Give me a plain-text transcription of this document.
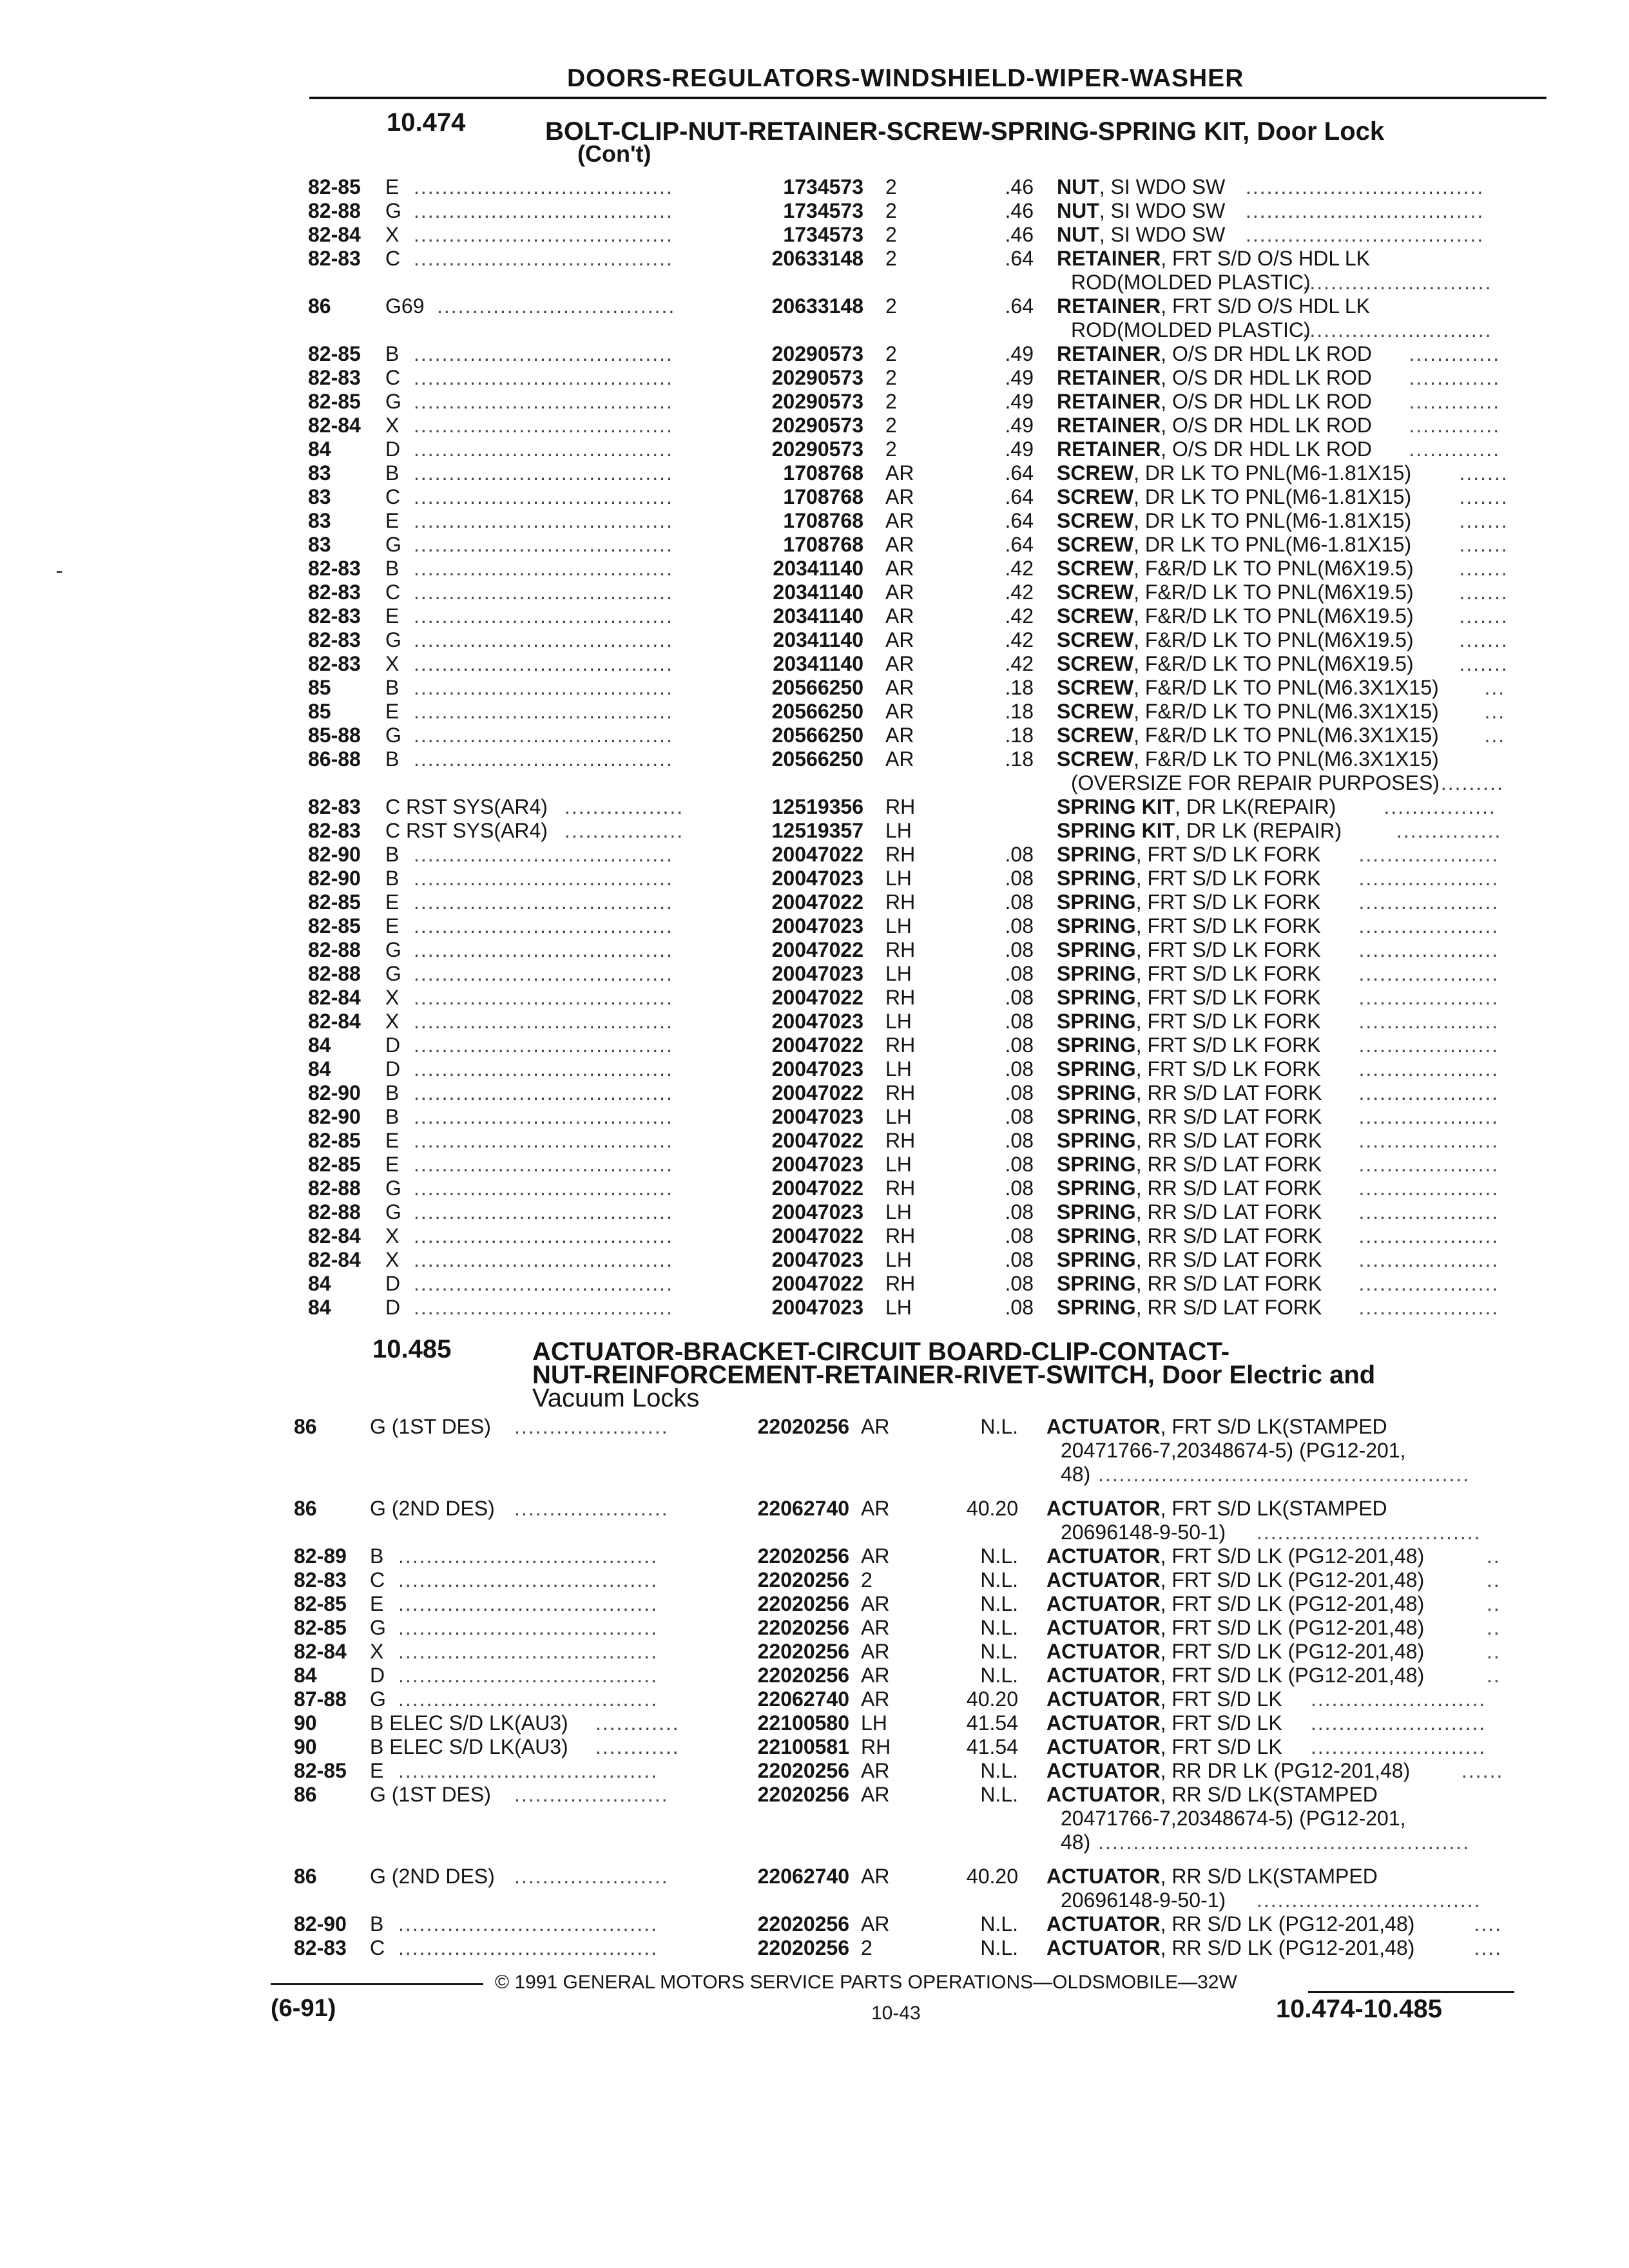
DOORS-REGULATORS-WINDSHIELD-WIPER-WASHER
10.474	BOLT-CLIP-NUT-RETAINER-SCREW-SPRING-SPRING KIT, Door Lock
(Con't)
10.485	ACTUATOR-BRACKET-CIRCUIT BOARD-CLIP-CONTACT-
NUT-REINFORCEMENT-RETAINER-RIVET-SWITCH, Door Electric and
Vacuum Locks
82-85 E .....................................	1734573 2	.46 NUT, SI WDO SW ..................................
82-88 G .....................................	1734573 2	.46 NUT, SI WDO SW ..................................
82-84 X .....................................	1734573 2	.46 NUT, SI WDO SW ..................................
82-83 C .....................................	20633148 2	.64 RETAINER, FRT S/D O/S HDL LK
ROD(MOLDED PLASTIC)
...........................
86	G69 ..................................	20633148 2	.64 RETAINER, FRT S/D O/S HDL LK
ROD(MOLDED PLASTIC)
...........................
82-85 B .....................................	20290573 2	.49 RETAINER, O/S DR HDL LK ROD .............
82-83 C .....................................	20290573 2	.49 RETAINER, O/S DR HDL LK ROD .............
82-85 G .....................................	20290573 2	.49 RETAINER, O/S DR HDL LK ROD .............
82-84 X .....................................	20290573 2	.49 RETAINER, O/S DR HDL LK ROD .............
84	D .....................................	20290573 2	.49 RETAINER, O/S DR HDL LK ROD .............
83	B .....................................	1708768 AR	.64 SCREW, DR LK TO PNL(M6-1.81X15) .......
83	C .....................................	1708768 AR	.64 SCREW, DR LK TO PNL(M6-1.81X15) .......
83	E .....................................	1708768 AR	.64 SCREW, DR LK TO PNL(M6-1.81X15) .......
83	G .....................................	1708768 AR	.64 SCREW, DR LK TO PNL(M6-1.81X15) .......
82-83 B .....................................	20341140 AR	.42 SCREW, F&R/D LK TO PNL(M6X19.5) .......
82-83 C .....................................	20341140 AR	.42 SCREW, F&R/D LK TO PNL(M6X19.5) .......
82-83 E .....................................	20341140 AR	.42 SCREW, F&R/D LK TO PNL(M6X19.5) .......
82-83 G .....................................	20341140 AR	.42 SCREW, F&R/D LK TO PNL(M6X19.5) .......
82-83 X .....................................	20341140 AR	.42 SCREW, F&R/D LK TO PNL(M6X19.5) .......
85	B .....................................	20566250 AR	.18 SCREW, F&R/D LK TO PNL(M6.3X1X15) ...
85	E .....................................	20566250 AR	.18 SCREW, F&R/D LK TO PNL(M6.3X1X15) ...
85-88 G .....................................	20566250 AR	.18 SCREW, F&R/D LK TO PNL(M6.3X1X15) ...
86-88 B .....................................	20566250 AR	.18 SCREW, F&R/D LK TO PNL(M6.3X1X15)
(OVERSIZE FOR REPAIR PURPOSES)
..........
82-83 C RST SYS(AR4) .................	12519356 RH	SPRING KIT, DR LK(REPAIR) ................
82-83 C RST SYS(AR4) .................	12519357 LH	SPRING KIT, DR LK (REPAIR)	...............
82-90 B .....................................	20047022 RH	.08 SPRING, FRT S/D LK FORK ....................
82-90 B .....................................	20047023 LH	.08 SPRING, FRT S/D LK FORK ....................
82-85 E .....................................	20047022 RH	.08 SPRING, FRT S/D LK FORK ....................
82-85 E .....................................	20047023 LH	.08 SPRING, FRT S/D LK FORK ....................
82-88 G .....................................	20047022 RH	.08 SPRING, FRT S/D LK FORK ....................
82-88 G .....................................	20047023 LH	.08 SPRING, FRT S/D LK FORK ....................
82-84 X .....................................	20047022 RH	.08 SPRING, FRT S/D LK FORK ....................
82-84 X .....................................	20047023 LH	.08 SPRING, FRT S/D LK FORK ....................
84	D .....................................	20047022 RH	.08 SPRING, FRT S/D LK FORK ....................
84	D .....................................	20047023 LH	.08 SPRING, FRT S/D LK FORK ....................
82-90 B .....................................	20047022 RH	.08 SPRING, RR S/D LAT FORK ....................
82-90 B .....................................	20047023 LH	.08 SPRING, RR S/D LAT FORK ....................
82-85 E .....................................	20047022 RH	.08 SPRING, RR S/D LAT FORK ....................
82-85 E .....................................	20047023 LH	.08 SPRING, RR S/D LAT FORK ....................
82-88 G .....................................	20047022 RH	.08 SPRING, RR S/D LAT FORK ....................
82-88 G .....................................	20047023 LH	.08 SPRING, RR S/D LAT FORK ....................
82-84 X .....................................	20047022 RH	.08 SPRING, RR S/D LAT FORK ....................
82-84 X .....................................	20047023 LH	.08 SPRING, RR S/D LAT FORK ....................
84	D .....................................	20047022 RH	.08 SPRING, RR S/D LAT FORK ....................
84	D .....................................	20047023 LH	.08 SPRING, RR S/D LAT FORK ....................
86	G (1ST DES) ......................	22020256 AR	N.L. ACTUATOR, FRT S/D LK(STAMPED
20471766-7,20348674-5) (PG12-201,
48) .....................................................
86	G (2ND DES) ......................	22062740 AR	40.20 ACTUATOR, FRT S/D LK(STAMPED
20696148-9-50-1) ................................
82-89 B .....................................	22020256 AR	N.L. ACTUATOR, FRT S/D LK (PG12-201,48)	..
82-83 C .....................................	22020256 2	N.L. ACTUATOR, FRT S/D LK (PG12-201,48)	..
82-85 E .....................................	22020256 AR	N.L. ACTUATOR, FRT S/D LK (PG12-201,48)	..
82-85 G .....................................	22020256 AR	N.L. ACTUATOR, FRT S/D LK (PG12-201,48)	..
82-84 X .....................................	22020256 AR	N.L. ACTUATOR, FRT S/D LK (PG12-201,48)	..
84	D .....................................	22020256 AR	N.L. ACTUATOR, FRT S/D LK (PG12-201,48)	..
87-88 G .....................................	22062740 AR	40.20 ACTUATOR, FRT S/D LK .........................
90	B ELEC S/D LK(AU3) ............	22100580 LH	41.54 ACTUATOR, FRT S/D LK .........................
90	B ELEC S/D LK(AU3) ............	22100581 RH	41.54 ACTUATOR, FRT S/D LK .........................
82-85 E .....................................	22020256 AR	N.L. ACTUATOR, RR DR LK (PG12-201,48) ......
86	G (1ST DES) ......................	22020256 AR	N.L. ACTUATOR, RR S/D LK(STAMPED
20471766-7,20348674-5) (PG12-201,
48) .....................................................
86	G (2ND DES) ......................	22062740 AR	40.20 ACTUATOR, RR S/D LK(STAMPED
20696148-9-50-1) ................................
82-90 B .....................................	22020256 AR	N.L. ACTUATOR, RR S/D LK (PG12-201,48)	....
82-83 C .....................................	22020256 2	N.L. ACTUATOR, RR S/D LK (PG12-201,48)	....
© 1991 GENERAL MOTORS SERVICE PARTS OPERATIONS—OLDSMOBILE—32W
(6-91)	10-43	10.474-10.485
